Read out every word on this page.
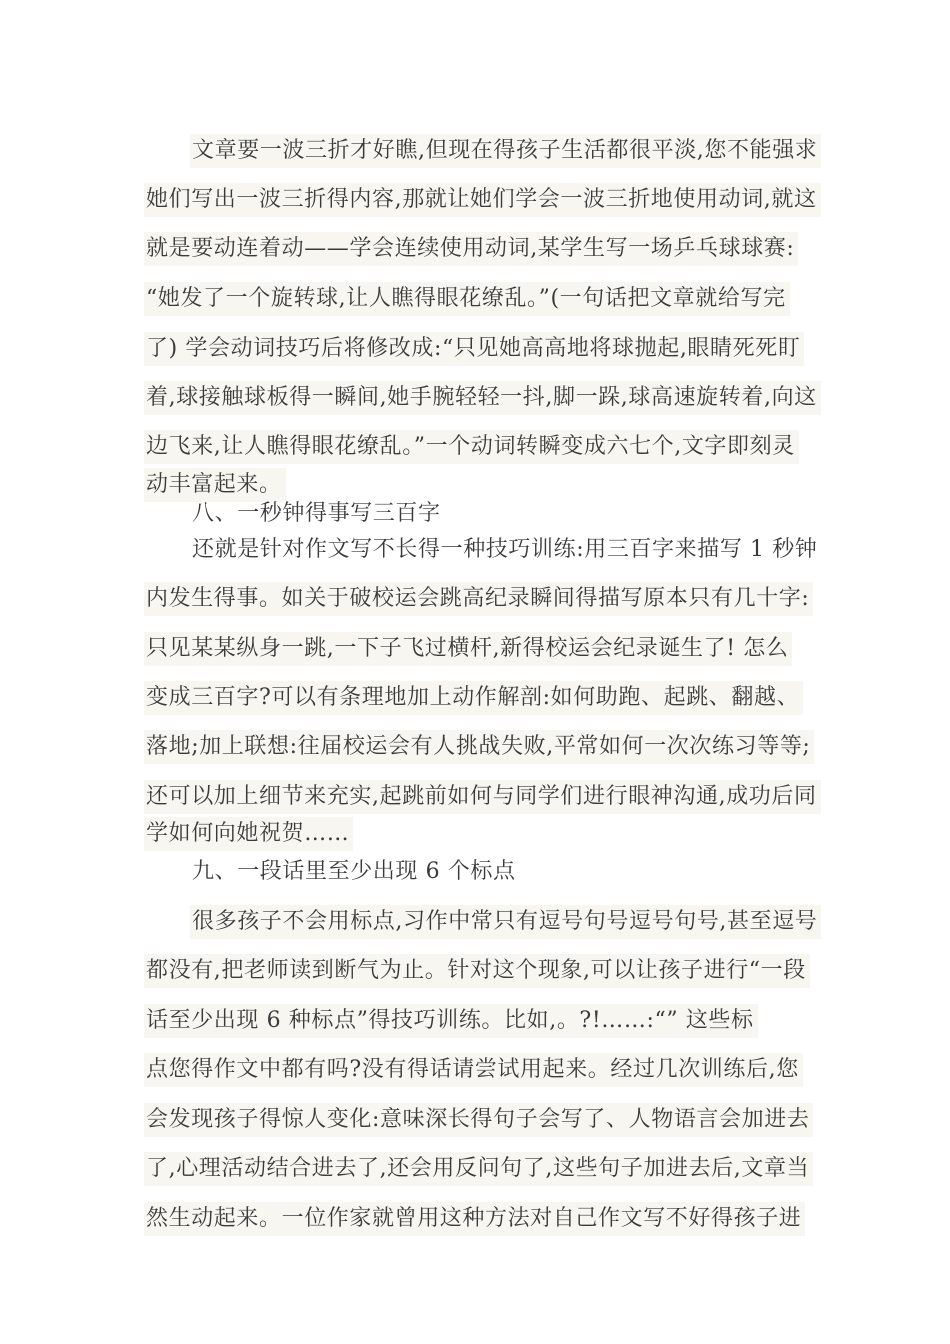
文章要一波三折才好瞧,但现在得孩子生活都很平淡,您不能强求
她们写出一波三折得内容,那就让她们学会一波三折地使用动词,就这
就是要动连着动——学会连续使用动词,某学生写一场乒乓球球赛:
“她发了一个旋转球,让人瞧得眼花缭乱。”(一句话把文章就给写完
了) 学会动词技巧后将修改成:“只见她高高地将球抛起,眼睛死死盯
着,球接触球板得一瞬间,她手腕轻轻一抖,脚一跺,球高速旋转着,向这
边飞来,让人瞧得眼花缭乱。”一个动词转瞬变成六七个,文字即刻灵
动丰富起来。
八、一秒钟得事写三百字
还就是针对作文写不长得一种技巧训练:用三百字来描写 1 秒钟
内发生得事。如关于破校运会跳高纪录瞬间得描写原本只有几十字:
只见某某纵身一跳,一下子飞过横杆,新得校运会纪录诞生了! 怎么
变成三百字?可以有条理地加上动作解剖:如何助跑、起跳、翻越、
落地;加上联想:往届校运会有人挑战失败,平常如何一次次练习等等;
还可以加上细节来充实,起跳前如何与同学们进行眼神沟通,成功后同
学如何向她祝贺……
九、一段话里至少出现 6 个标点
很多孩子不会用标点,习作中常只有逗号句号逗号句号,甚至逗号
都没有,把老师读到断气为止。针对这个现象,可以让孩子进行“一段
话至少出现 6 种标点”得技巧训练。比如,。?!……:“” 这些标
点您得作文中都有吗?没有得话请尝试用起来。经过几次训练后,您
会发现孩子得惊人变化:意味深长得句子会写了、人物语言会加进去
了,心理活动结合进去了,还会用反问句了,这些句子加进去后,文章当
然生动起来。一位作家就曾用这种方法对自己作文写不好得孩子进
